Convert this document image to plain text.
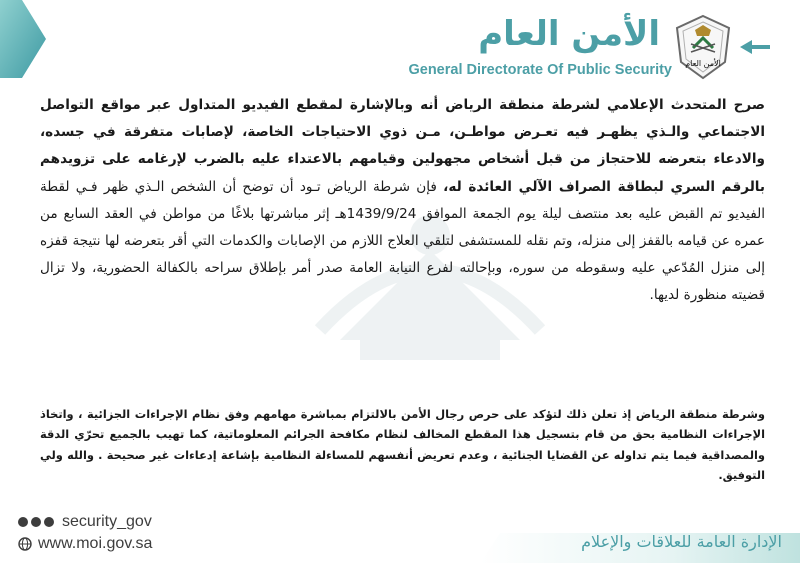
الأمن العام
General Directorate Of Public Security الأمن العام

صرح المتحدث الإعلامي لشرطة منطقة الرياض أنه وبالإشارة لمقطع الفيديو المتداول عبر مواقع التواصل الاجتماعي والـذي يظهـر فيه تعـرض مواطـن، مـن ذوي الاحتياجات الخاصة، لإصابات متفرقة في جسده، والادعاء بتعرضه للاحتجاز من قبل أشخاص مجهولين وقيامهم بالاعتداء عليه بالضرب لإرغامه على تزويدهم بالرقم السري لبطاقة الصراف الآلي العائدة له، فإن شرطة الرياض تـود أن توضح أن الشخص الـذي ظهر فـي لقطة الفيديو تم القبض عليه بعد منتصف ليلة يوم الجمعة الموافق 1439/9/24هـ إثر مباشرتها بلاغًا من مواطن في العقد السابع من عمره عن قيامه بالقفز إلى منزله، وتم نقله للمستشفى لتلقي العلاج اللازم من الإصابات والكدمات التي أقر بتعرضه لها نتيجة قفزه إلى منزل المُدّعي عليه وسقوطه من سوره، وبإحالته لفرع النيابة العامة صدر أمر بإطلاق سراحه بالكفالة الحضورية، ولا تزال قضيته منظورة لديها.

وشرطة منطقة الرياض إذ تعلن ذلك لتؤكد على حرص رجال الأمن بالالتزام بمباشرة مهامهم وفق نظام الإجراءات الجزائية ، واتخاذ الإجراءات النظامية بحق من قام بتسجيل هذا المقطع المخالف لنظام مكافحة الجرائم المعلوماتية، كما تهيب بالجميع تحرّي الدقة والمصداقية فيما يتم تداوله عن القضايا الجنائية ، وعدم تعريض أنفسهم للمساءلة النظامية بإشاعة إدعاءات غير صحيحة . والله ولي التوفيق.

security_gov
www.moi.gov.sa	الإدارة العامة للعلاقات والإعلام
